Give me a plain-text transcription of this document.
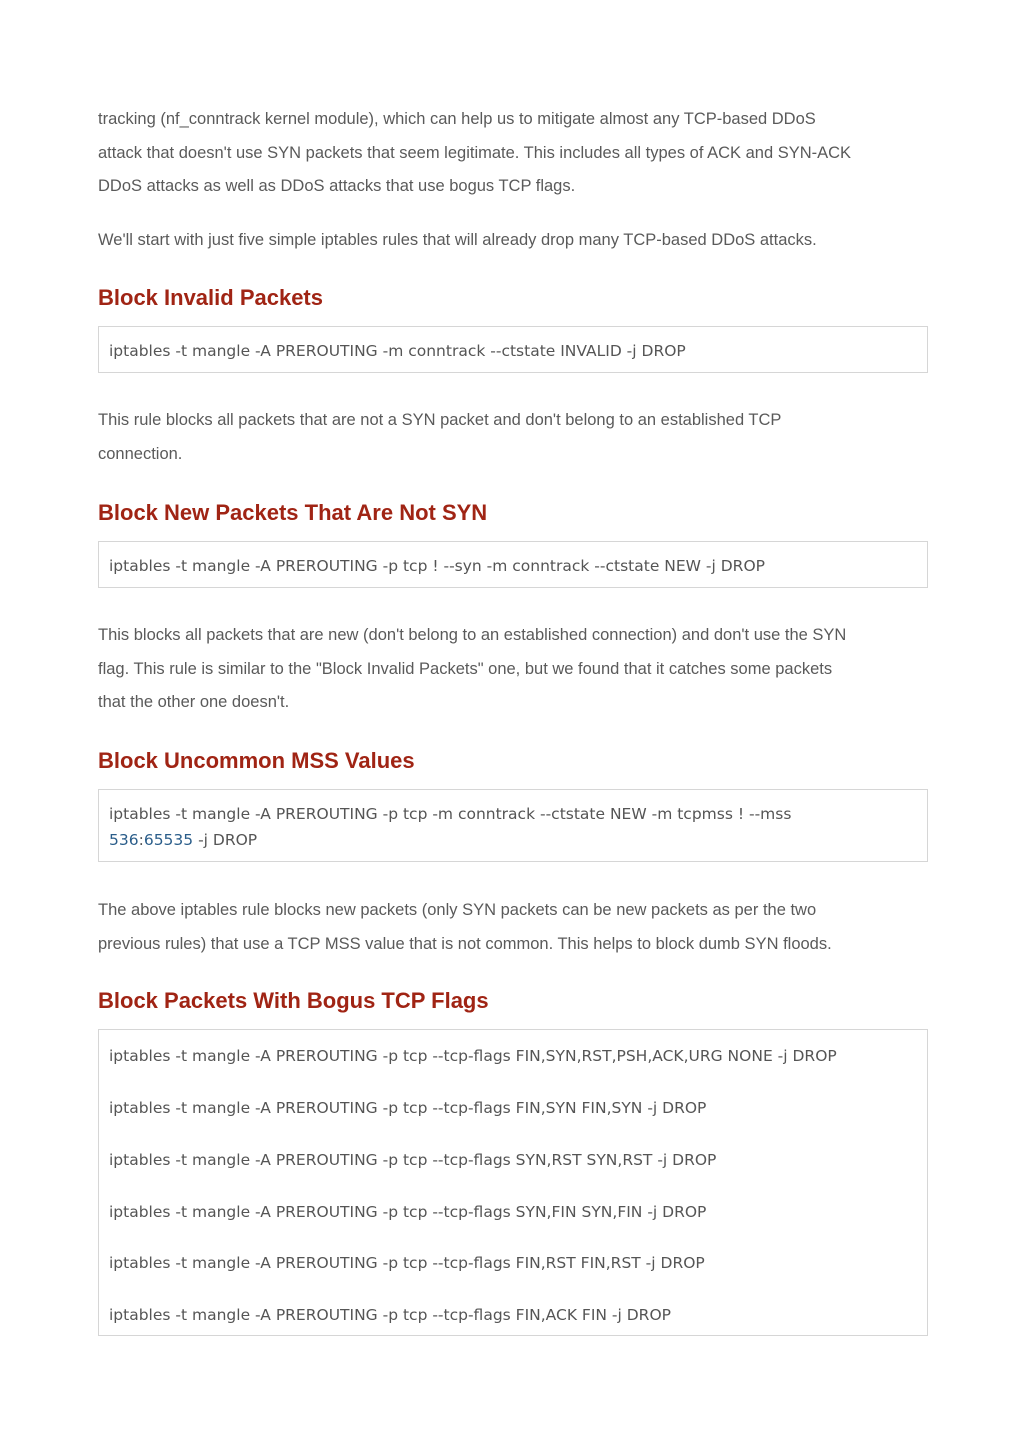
tracking (nf_conntrack kernel module), which can help us to mitigate almost any TCP-based DDoS

attack that doesn't use SYN packets that seem legitimate. This includes all types of ACK and SYN-ACK

DDoS attacks as well as DDoS attacks that use bogus TCP flags.

We'll start with just five simple iptables rules that will already drop many TCP-based DDoS attacks.

Block Invalid Packets
iptables -t mangle -A PREROUTING -m conntrack --ctstate INVALID -j DROP

This rule blocks all packets that are not a SYN packet and don't belong to an established TCP

connection.

Block New Packets That Are Not SYN
iptables -t mangle -A PREROUTING -p tcp ! --syn -m conntrack --ctstate NEW -j DROP

This blocks all packets that are new (don't belong to an established connection) and don't use the SYN

flag. This rule is similar to the "Block Invalid Packets" one, but we found that it catches some packets

that the other one doesn't.

Block Uncommon MSS Values
iptables -t mangle -A PREROUTING -p tcp -m conntrack --ctstate NEW -m tcpmss ! --mss
536:65535 -j DROP

The above iptables rule blocks new packets (only SYN packets can be new packets as per the two

previous rules) that use a TCP MSS value that is not common. This helps to block dumb SYN floods.

Block Packets With Bogus TCP Flags
iptables -t mangle -A PREROUTING -p tcp --tcp-flags FIN,SYN,RST,PSH,ACK,URG NONE -j DROP
iptables -t mangle -A PREROUTING -p tcp --tcp-flags FIN,SYN FIN,SYN -j DROP
iptables -t mangle -A PREROUTING -p tcp --tcp-flags SYN,RST SYN,RST -j DROP
iptables -t mangle -A PREROUTING -p tcp --tcp-flags SYN,FIN SYN,FIN -j DROP
iptables -t mangle -A PREROUTING -p tcp --tcp-flags FIN,RST FIN,RST -j DROP
iptables -t mangle -A PREROUTING -p tcp --tcp-flags FIN,ACK FIN -j DROP
